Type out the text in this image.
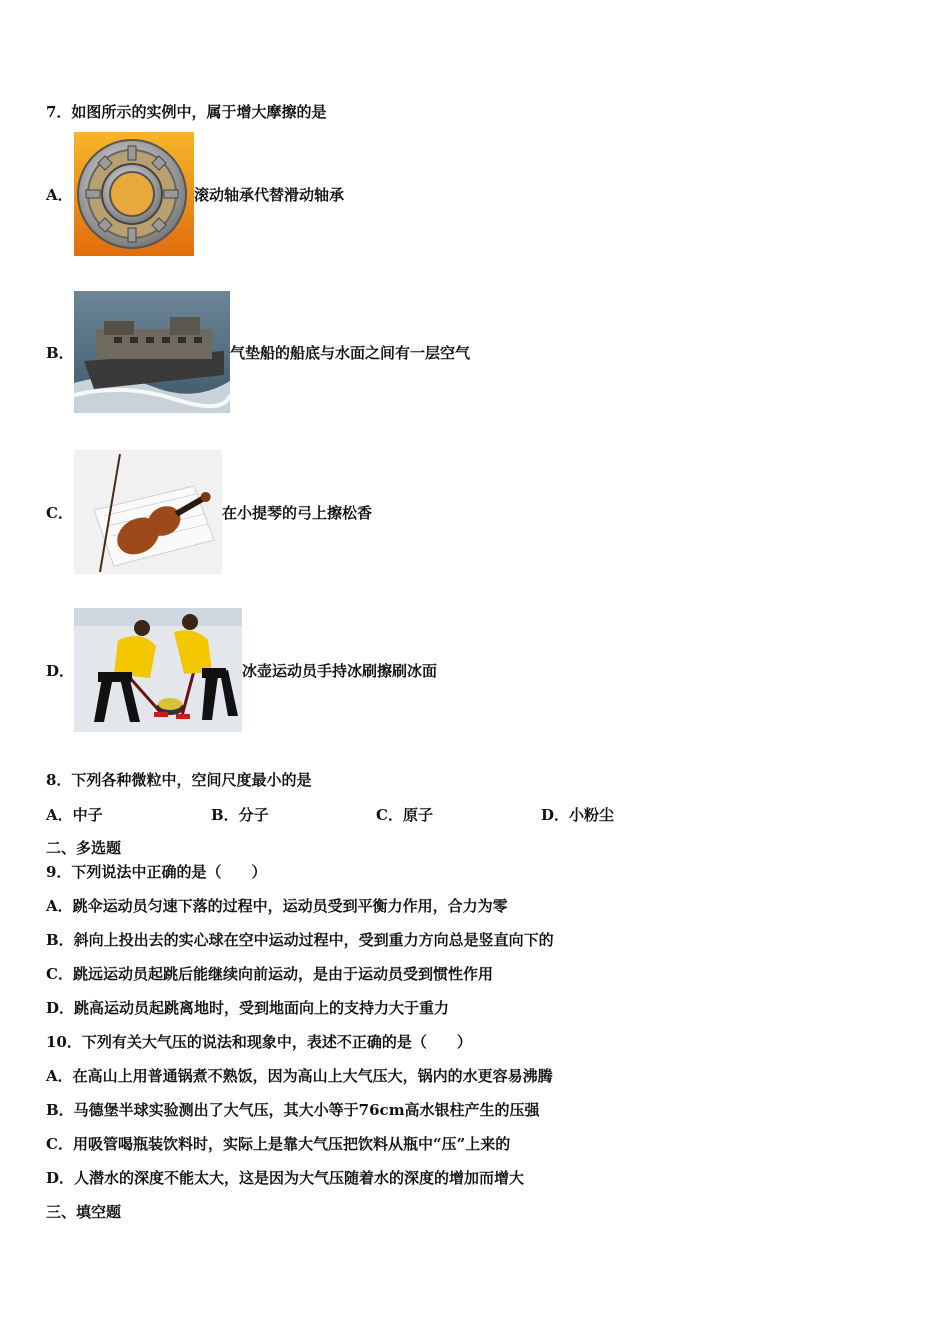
7．如图所示的实例中，属于增大摩擦的是
A．	滚动轴承代替滑动轴承
B．	气垫船的船底与水面之间有一层空气
C．	在小提琴的弓上擦松香
D．	冰壶运动员手持冰刷擦刷冰面
8．下列各种微粒中，空间尺度最小的是
A．中子	B．分子	C．原子	D．小粉尘
二、多选题
9．下列说法中正确的是（　　）
A．跳伞运动员匀速下落的过程中，运动员受到平衡力作用，合力为零
B．斜向上投出去的实心球在空中运动过程中，受到重力方向总是竖直向下的
C．跳远运动员起跳后能继续向前运动，是由于运动员受到惯性作用
D．跳高运动员起跳离地时，受到地面向上的支持力大于重力
10．下列有关大气压的说法和现象中，表述不正确的是（　　）
A．在高山上用普通锅煮不熟饭，因为高山上大气压大，锅内的水更容易沸腾
B．马德堡半球实验测出了大气压，其大小等于76cm高水银柱产生的压强
C．用吸管喝瓶装饮料时，实际上是靠大气压把饮料从瓶中“压”上来的
D．人潜水的深度不能太大，这是因为大气压随着水的深度的增加而增大
三、填空题
